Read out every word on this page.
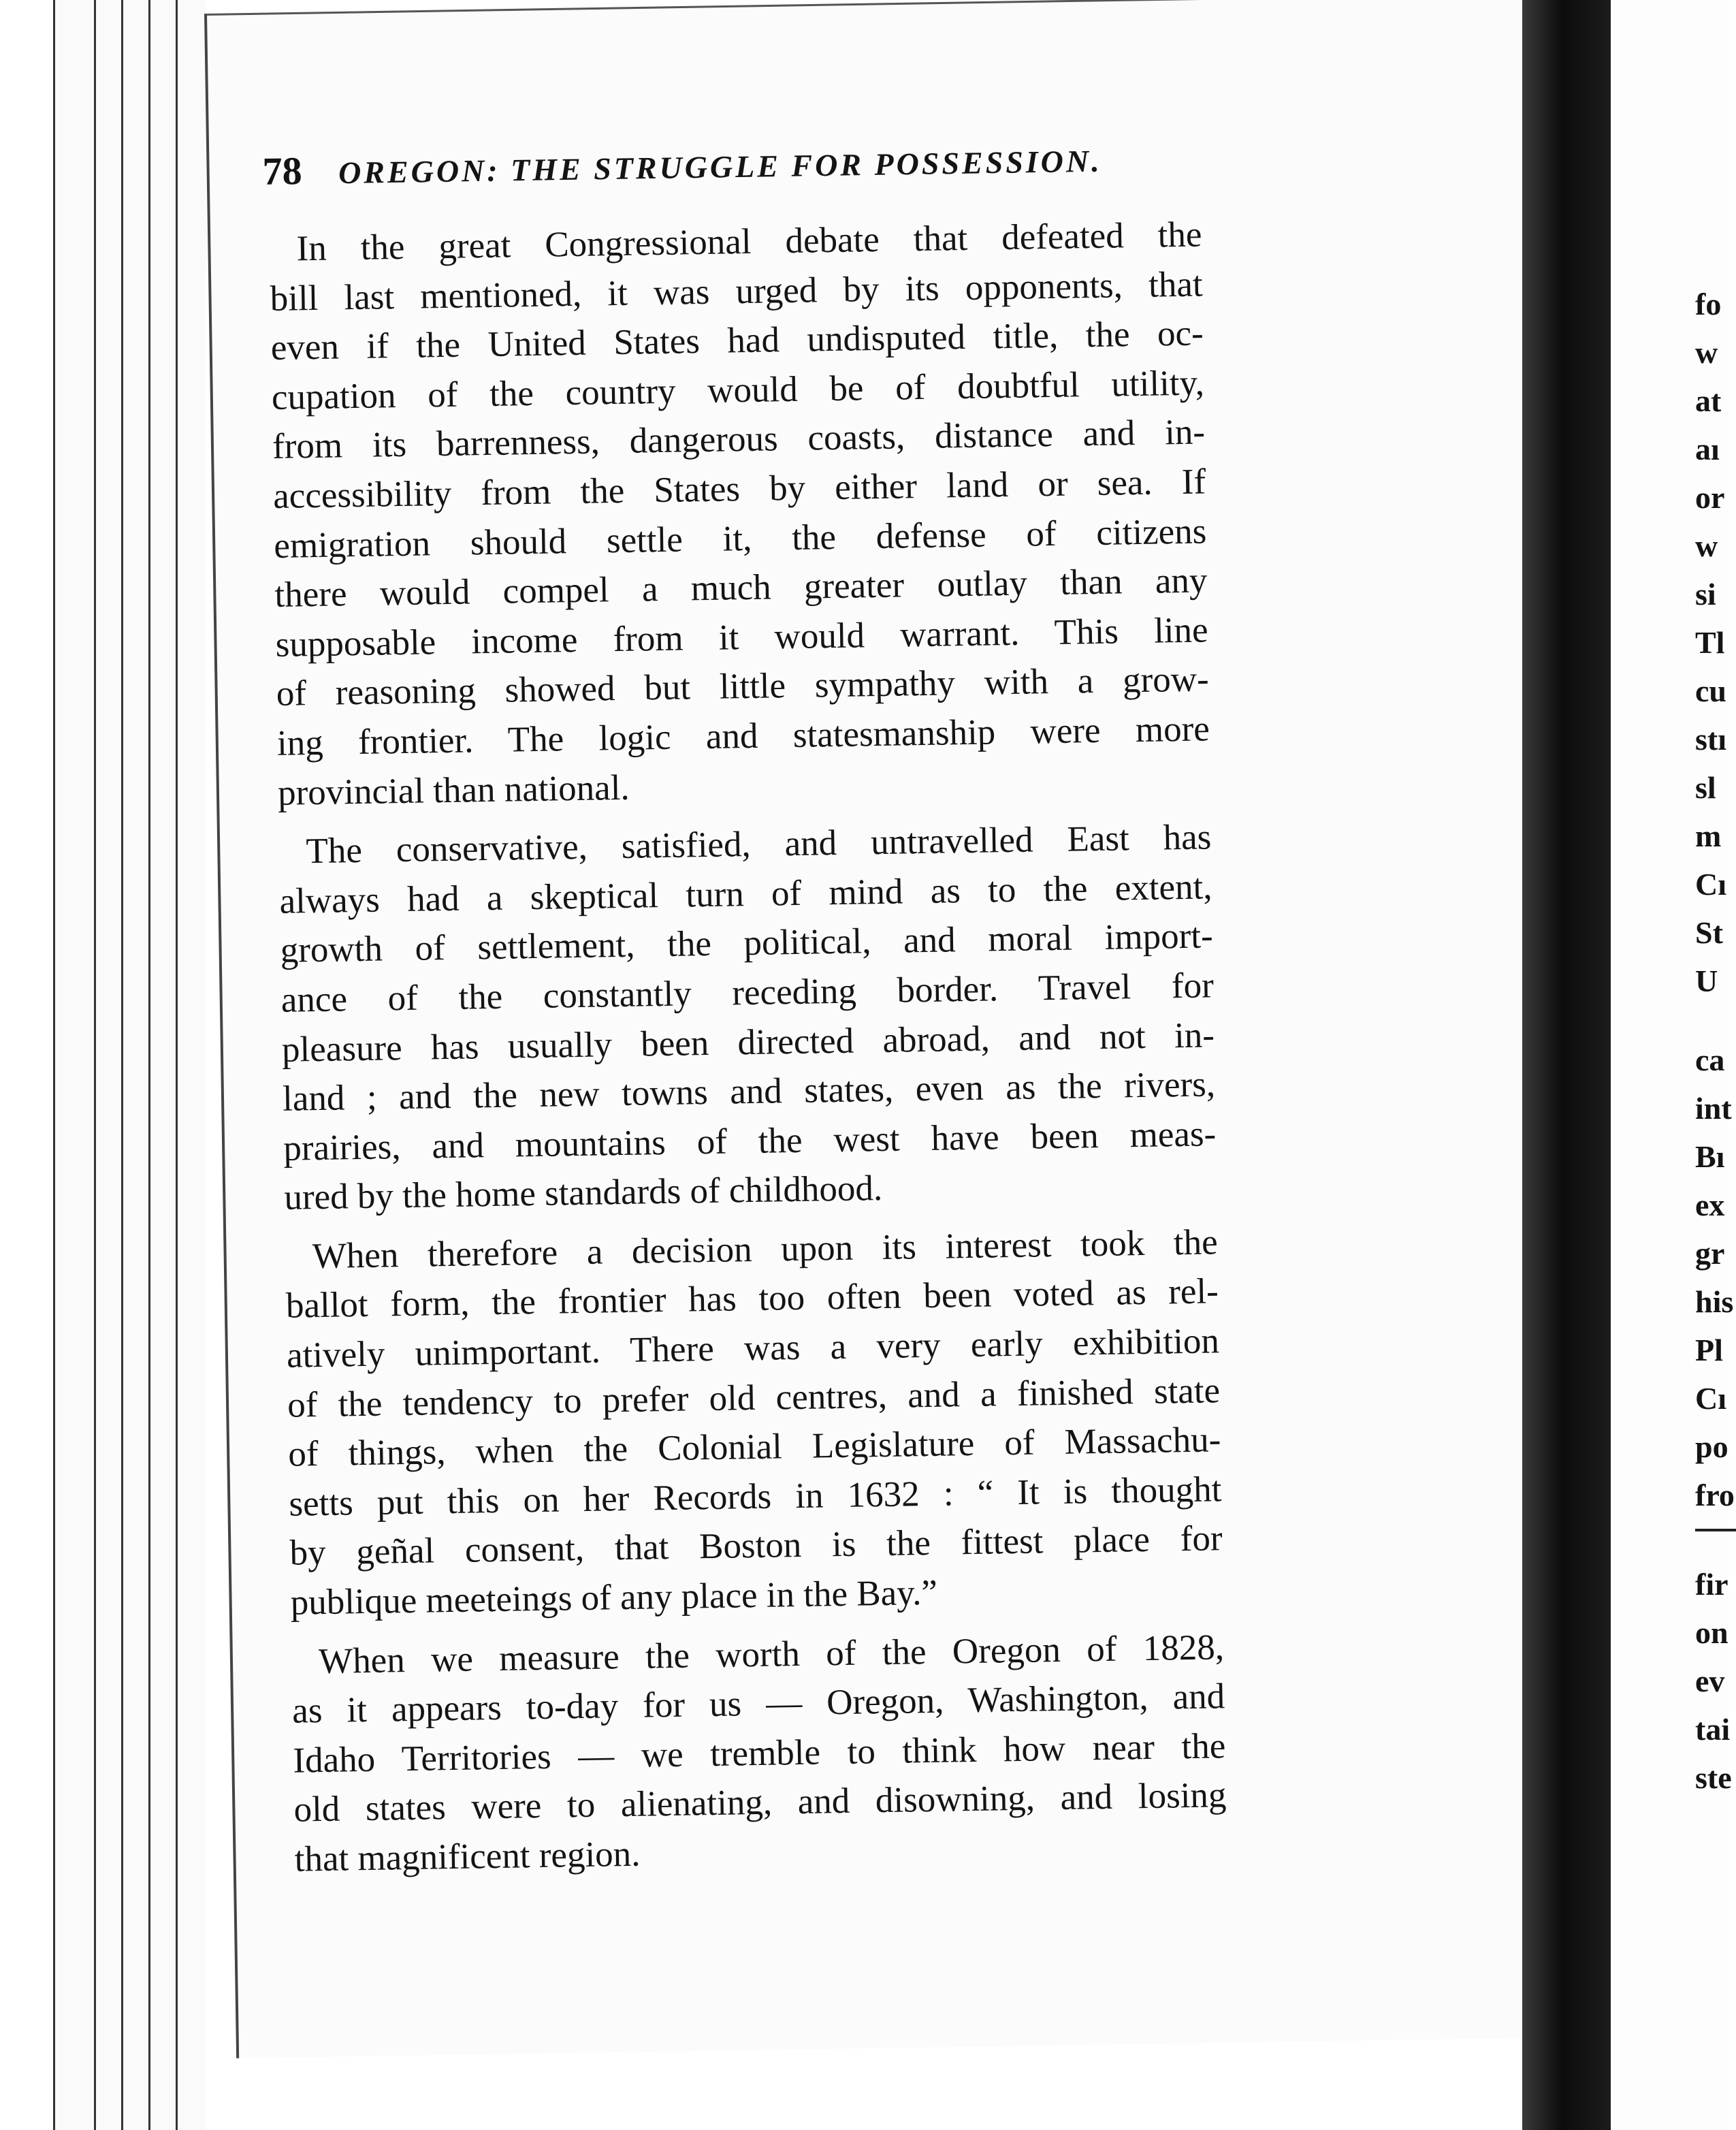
78 OREGON: THE STRUGGLE FOR POSSESSION.

In the great Congressional debate that defeated the
bill last mentioned, it was urged by its opponents, that
even if the United States had undisputed title, the oc-
cupation of the country would be of doubtful utility,
from its barrenness, dangerous coasts, distance and in-
accessibility from the States by either land or sea. If
emigration should settle it, the defense of citizens
there would compel a much greater outlay than any
supposable income from it would warrant. This line
of reasoning showed but little sympathy with a grow-
ing frontier. The logic and statesmanship were more
provincial than national.

The conservative, satisfied, and untravelled East has
always had a skeptical turn of mind as to the extent,
growth of settlement, the political, and moral import-
ance of the constantly receding border. Travel for
pleasure has usually been directed abroad, and not in-
land ; and the new towns and states, even as the rivers,
prairies, and mountains of the west have been meas-
ured by the home standards of childhood.

When therefore a decision upon its interest took the
ballot form, the frontier has too often been voted as rel-
atively unimportant. There was a very early exhibition
of the tendency to prefer old centres, and a finished state
of things, when the Colonial Legislature of Massachu-
setts put this on her Records in 1632 : “ It is thought
by geñal consent, that Boston is the fittest place for
publique meeteings of any place in the Bay.”

When we measure the worth of the Oregon of 1828,
as it appears to-day for us — Oregon, Washington, and
Idaho Territories — we tremble to think how near the
old states were to alienating, and disowning, and losing
that magnificent region.

fo
w
at
aı
or
w
si
Tl
cu
stı
sl
m
Cı
St
U
ca
int
Bı
ex
gr
his
Pl
Cı
po
fro
fir
on
ev
tai
ste
